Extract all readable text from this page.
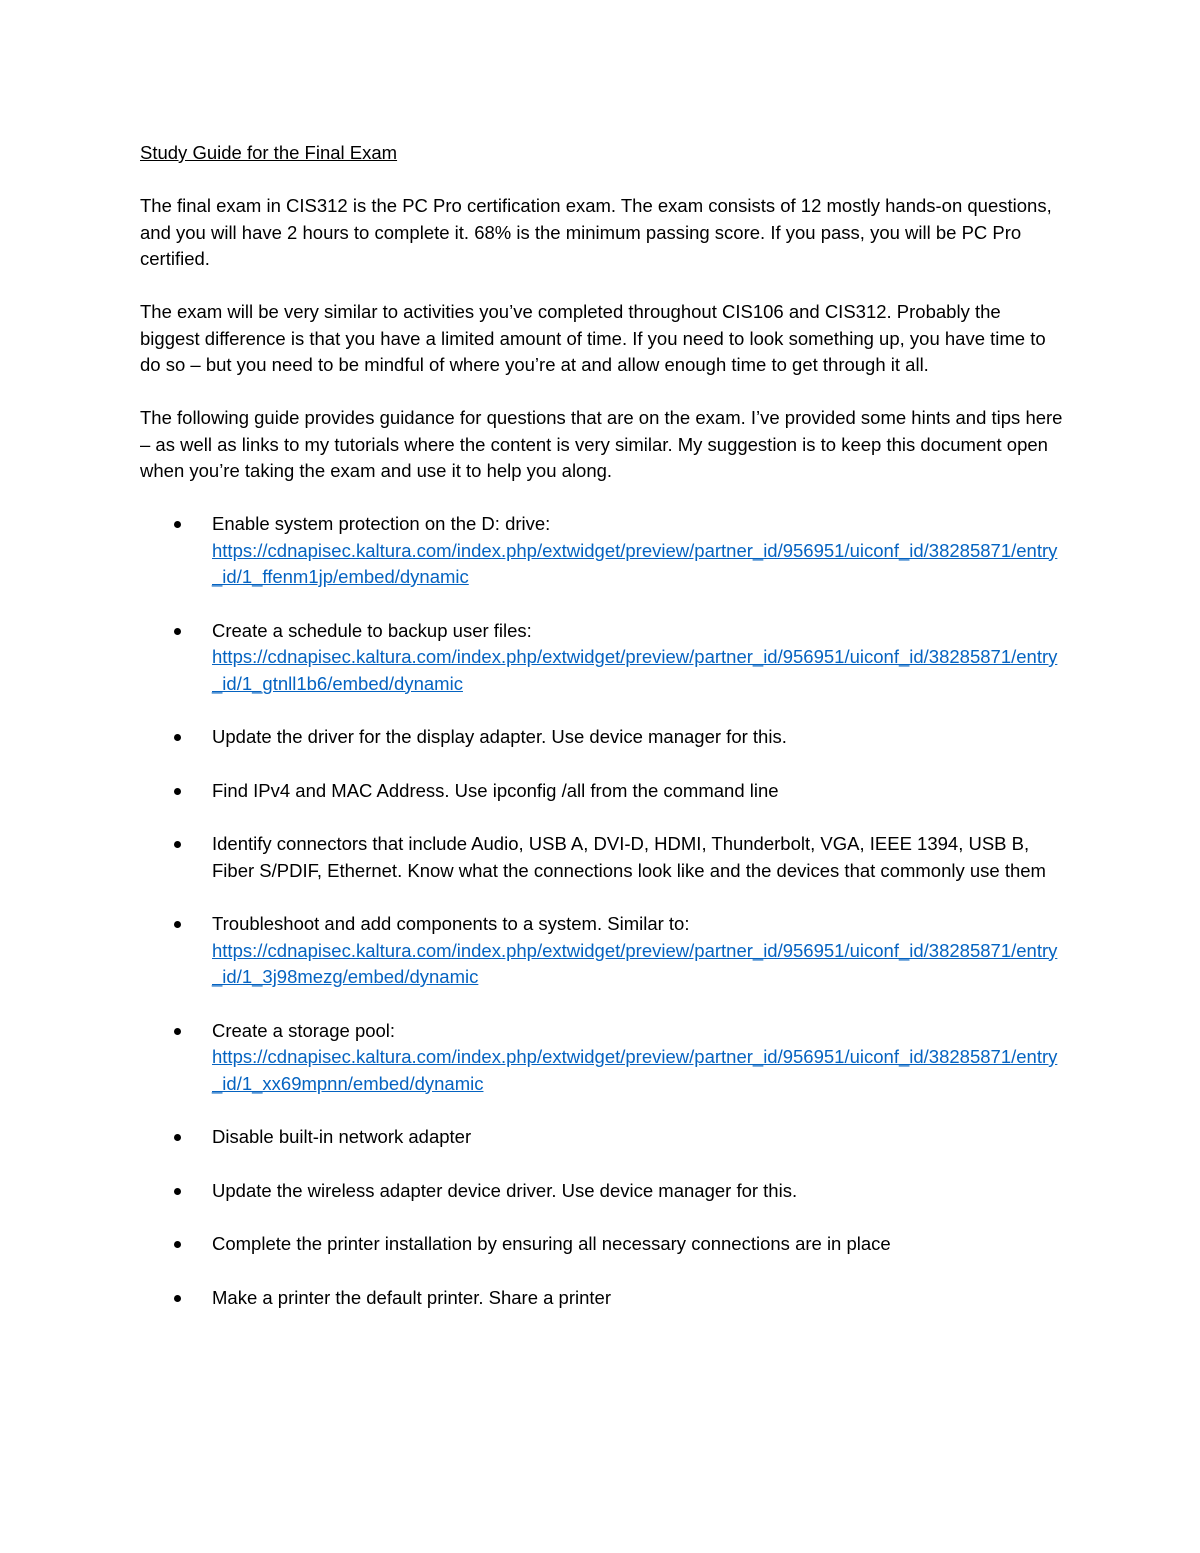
Study Guide for the Final Exam

The final exam in CIS312 is the PC Pro certification exam. The exam consists of 12 mostly hands-on questions, and you will have 2 hours to complete it. 68% is the minimum passing score. If you pass, you will be PC Pro certified.

The exam will be very similar to activities you’ve completed throughout CIS106 and CIS312. Probably the biggest difference is that you have a limited amount of time. If you need to look something up, you have time to do so – but you need to be mindful of where you’re at and allow enough time to get through it all.

The following guide provides guidance for questions that are on the exam. I’ve provided some hints and tips here – as well as links to my tutorials where the content is very similar. My suggestion is to keep this document open when you’re taking the exam and use it to help you along.

Enable system protection on the D: drive:
https://cdnapisec.kaltura.com/index.php/extwidget/preview/partner_id/956951/uiconf_id/38285871/entry_id/1_ffenm1jp/embed/dynamic
Create a schedule to backup user files:
https://cdnapisec.kaltura.com/index.php/extwidget/preview/partner_id/956951/uiconf_id/38285871/entry_id/1_gtnll1b6/embed/dynamic
Update the driver for the display adapter. Use device manager for this.
Find IPv4 and MAC Address. Use ipconfig /all from the command line
Identify connectors that include Audio, USB A, DVI-D, HDMI, Thunderbolt, VGA, IEEE 1394, USB B, Fiber S/PDIF, Ethernet. Know what the connections look like and the devices that commonly use them
Troubleshoot and add components to a system. Similar to:
https://cdnapisec.kaltura.com/index.php/extwidget/preview/partner_id/956951/uiconf_id/38285871/entry_id/1_3j98mezg/embed/dynamic
Create a storage pool:
https://cdnapisec.kaltura.com/index.php/extwidget/preview/partner_id/956951/uiconf_id/38285871/entry_id/1_xx69mpnn/embed/dynamic
Disable built-in network adapter
Update the wireless adapter device driver. Use device manager for this.
Complete the printer installation by ensuring all necessary connections are in place
Make a printer the default printer. Share a printer
